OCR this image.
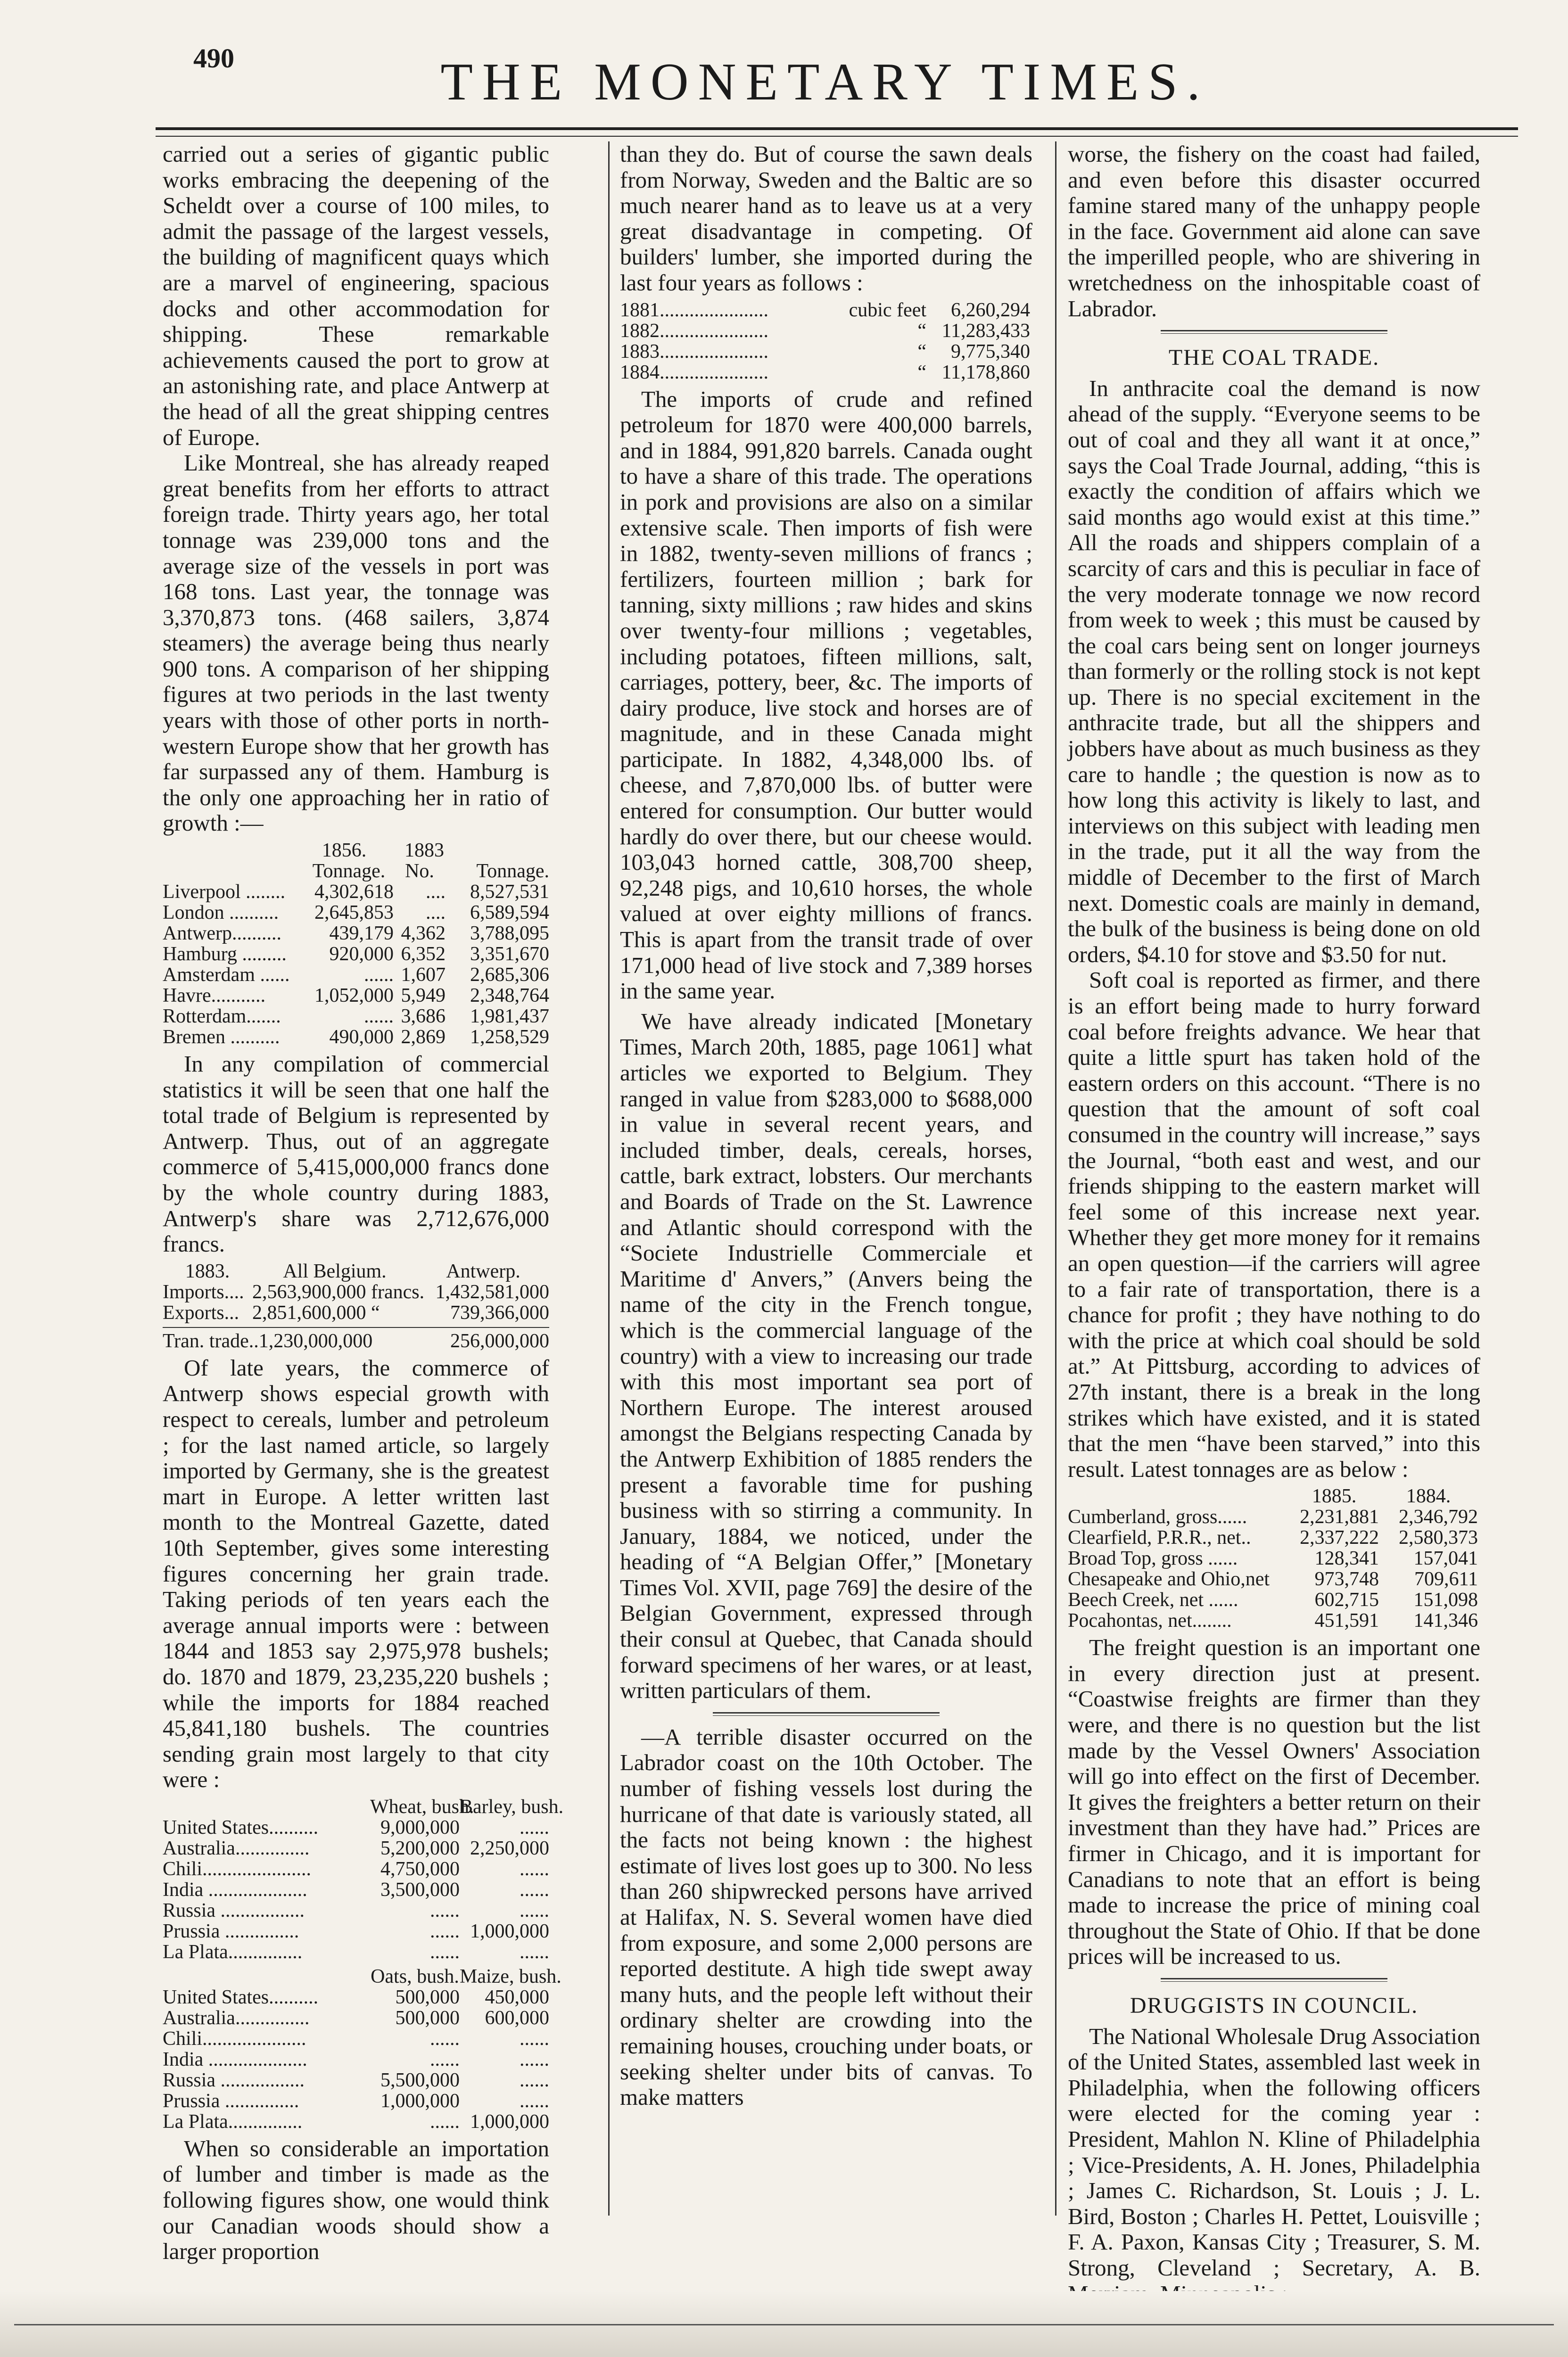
490	THE MONETARY TIMES.

carried out a series of gigantic public works embracing the deepening of the Scheldt over a course of 100 miles, to admit the passage of the largest vessels, the building of magnificent quays which are a marvel of engineering, spacious docks and other accommodation for shipping. These remarkable achievements caused the port to grow at an astonishing rate, and place Antwerp at the head of all the great shipping centres of Europe.

Like Montreal, she has already reaped great benefits from her efforts to attract foreign trade. Thirty years ago, her total tonnage was 239,000 tons and the average size of the vessels in port was 168 tons. Last year, the tonnage was 3,370,873 tons. (468 sailers, 3,874 steamers) the average being thus nearly 900 tons. A comparison of her shipping figures at two periods in the last twenty years with those of other ports in north-western Europe show that her growth has far surpassed any of them. Hamburg is the only one approaching her in ratio of growth :—

1856.	1883
Tonnage. No.	Tonnage.
Liverpool ........	4,302,618	....	8,527,531
London ..........	2,645,853	....	6,589,594
Antwerp..........	439,179 4,362	3,788,095
Hamburg .........	920,000 6,352	3,351,670
Amsterdam ......	...... 1,607	2,685,306
Havre...........	1,052,000 5,949	2,348,764
Rotterdam.......	...... 3,686	1,981,437
Bremen ..........	490,000 2,869	1,258,529

In any compilation of commercial statistics it will be seen that one half the total trade of Belgium is represented by Antwerp. Thus, out of an aggregate commerce of 5,415,000,000 francs done by the whole country during 1883, Antwerp's share was 2,712,676,000 francs.

1883.	All Belgium.	Antwerp.
Imports.... 2,563,900,000 francs. 1,432,581,000
Exports... 2,851,600,000 “	739,366,000
Tran. trade..1,230,000,000	256,000,000

Of late years, the commerce of Antwerp shows especial growth with respect to cereals, lumber and petroleum ; for the last named article, so largely imported by Germany, she is the greatest mart in Europe. A letter written last month to the Montreal Gazette, dated 10th September, gives some interesting figures concerning her grain trade. Taking periods of ten years each the average annual imports were : between 1844 and 1853 say 2,975,978 bushels; do. 1870 and 1879, 23,235,220 bushels ; while the imports for 1884 reached 45,841,180 bushels. The countries sending grain most largely to that city were :

Wheat, bush.
Barley, bush.
United States..........	9,000,000	......
Australia...............	5,200,000 2,250,000
Chili......................	4,750,000	......
India ....................	3,500,000	......
Russia .................	......	......
Prussia ...............	...... 1,000,000
La Plata...............	......	......
Oats, bush. Maize, bush.
United States..........	500,000	450,000
Australia...............	500,000	600,000
Chili.....................	......	......
India ....................	......	......
Russia .................	5,500,000	......
Prussia ...............	1,000,000	......
La Plata...............	...... 1,000,000

When so considerable an importation of lumber and timber is made as the following figures show, one would think our Canadian woods should show a larger proportion

than they do. But of course the sawn deals from Norway, Sweden and the Baltic are so much nearer hand as to leave us at a very great disadvantage in competing. Of builders' lumber, she imported during the last four years as follows :

1881......................	cubic feet	6,260,294
1882......................	“ 11,283,433
1883......................	“	9,775,340
1884......................	“ 11,178,860

The imports of crude and refined petroleum for 1870 were 400,000 barrels, and in 1884, 991,820 barrels. Canada ought to have a share of this trade. The operations in pork and provisions are also on a similar extensive scale. Then imports of fish were in 1882, twenty-seven millions of francs ; fertilizers, fourteen million ; bark for tanning, sixty millions ; raw hides and skins over twenty-four millions ; vegetables, including potatoes, fifteen millions, salt, carriages, pottery, beer, &c. The imports of dairy produce, live stock and horses are of magnitude, and in these Canada might participate. In 1882, 4,348,000 lbs. of cheese, and 7,870,000 lbs. of butter were entered for consumption. Our butter would hardly do over there, but our cheese would. 103,043 horned cattle, 308,700 sheep, 92,248 pigs, and 10,610 horses, the whole valued at over eighty millions of francs. This is apart from the transit trade of over 171,000 head of live stock and 7,389 horses in the same year.

We have already indicated [Monetary Times, March 20th, 1885, page 1061] what articles we exported to Belgium. They ranged in value from $283,000 to $688,000 in value in several recent years, and included timber, deals, cereals, horses, cattle, bark extract, lobsters. Our merchants and Boards of Trade on the St. Lawrence and Atlantic should correspond with the “Societe Industrielle Commerciale et Maritime d' Anvers,” (Anvers being the name of the city in the French tongue, which is the commercial language of the country) with a view to increasing our trade with this most important sea port of Northern Europe. The interest aroused amongst the Belgians respecting Canada by the Antwerp Exhibition of 1885 renders the present a favorable time for pushing business with so stirring a community. In January, 1884, we noticed, under the heading of “A Belgian Offer,” [Monetary Times Vol. XVII, page 769] the desire of the Belgian Government, expressed through their consul at Quebec, that Canada should forward specimens of her wares, or at least, written particulars of them.

—A terrible disaster occurred on the Labrador coast on the 10th October. The number of fishing vessels lost during the hurricane of that date is variously stated, all the facts not being known : the highest estimate of lives lost goes up to 300. No less than 260 shipwrecked persons have arrived at Halifax, N. S. Several women have died from exposure, and some 2,000 persons are reported destitute. A high tide swept away many huts, and the people left without their ordinary shelter are crowding into the remaining houses, crouching under boats, or seeking shelter under bits of canvas. To make matters

worse, the fishery on the coast had failed, and even before this disaster occurred famine stared many of the unhappy people in the face. Government aid alone can save the imperilled people, who are shivering in wretchedness on the inhospitable coast of Labrador.

THE COAL TRADE.

In anthracite coal the demand is now ahead of the supply. “Everyone seems to be out of coal and they all want it at once,” says the Coal Trade Journal, adding, “this is exactly the condition of affairs which we said months ago would exist at this time.” All the roads and shippers complain of a scarcity of cars and this is peculiar in face of the very moderate tonnage we now record from week to week ; this must be caused by the coal cars being sent on longer journeys than formerly or the rolling stock is not kept up. There is no special excitement in the anthracite trade, but all the shippers and jobbers have about as much business as they care to handle ; the question is now as to how long this activity is likely to last, and interviews on this subject with leading men in the trade, put it all the way from the middle of December to the first of March next. Domestic coals are mainly in demand, the bulk of the business is being done on old orders, $4.10 for stove and $3.50 for nut.

Soft coal is reported as firmer, and there is an effort being made to hurry forward coal before freights advance. We hear that quite a little spurt has taken hold of the eastern orders on this account. “There is no question that the amount of soft coal consumed in the country will increase,” says the Journal, “both east and west, and our friends shipping to the eastern market will feel some of this increase next year. Whether they get more money for it remains an open question—if the carriers will agree to a fair rate of transportation, there is a chance for profit ; they have nothing to do with the price at which coal should be sold at.” At Pittsburg, according to advices of 27th instant, there is a break in the long strikes which have existed, and it is stated that the men “have been starved,” into this result. Latest tonnages are as below :

1885.	1884.
Cumberland, gross......	2,231,881	2,346,792
Clearfield, P.R.R., net..	2,337,222	2,580,373
Broad Top, gross ......	128,341	157,041
Chesapeake and Ohio,net	973,748	709,611
Beech Creek, net ......	602,715	151,098
Pocahontas, net........	451,591	141,346

The freight question is an important one in every direction just at present. “Coastwise freights are firmer than they were, and there is no question but the list made by the Vessel Owners' Association will go into effect on the first of December. It gives the freighters a better return on their investment than they have had.” Prices are firmer in Chicago, and it is important for Canadians to note that an effort is being made to increase the price of mining coal throughout the State of Ohio. If that be done prices will be increased to us.

DRUGGISTS IN COUNCIL.

The National Wholesale Drug Association of the United States, assembled last week in Philadelphia, when the following officers were elected for the coming year : President, Mahlon N. Kline of Philadelphia ; Vice-Presidents, A. H. Jones, Philadelphia ; James C. Richardson, St. Louis ; J. L. Bird, Boston ; Charles H. Pettet, Louisville ; F. A. Paxon, Kansas City ; Treasurer, S. M. Strong, Cleveland ; Secretary, A. B.
